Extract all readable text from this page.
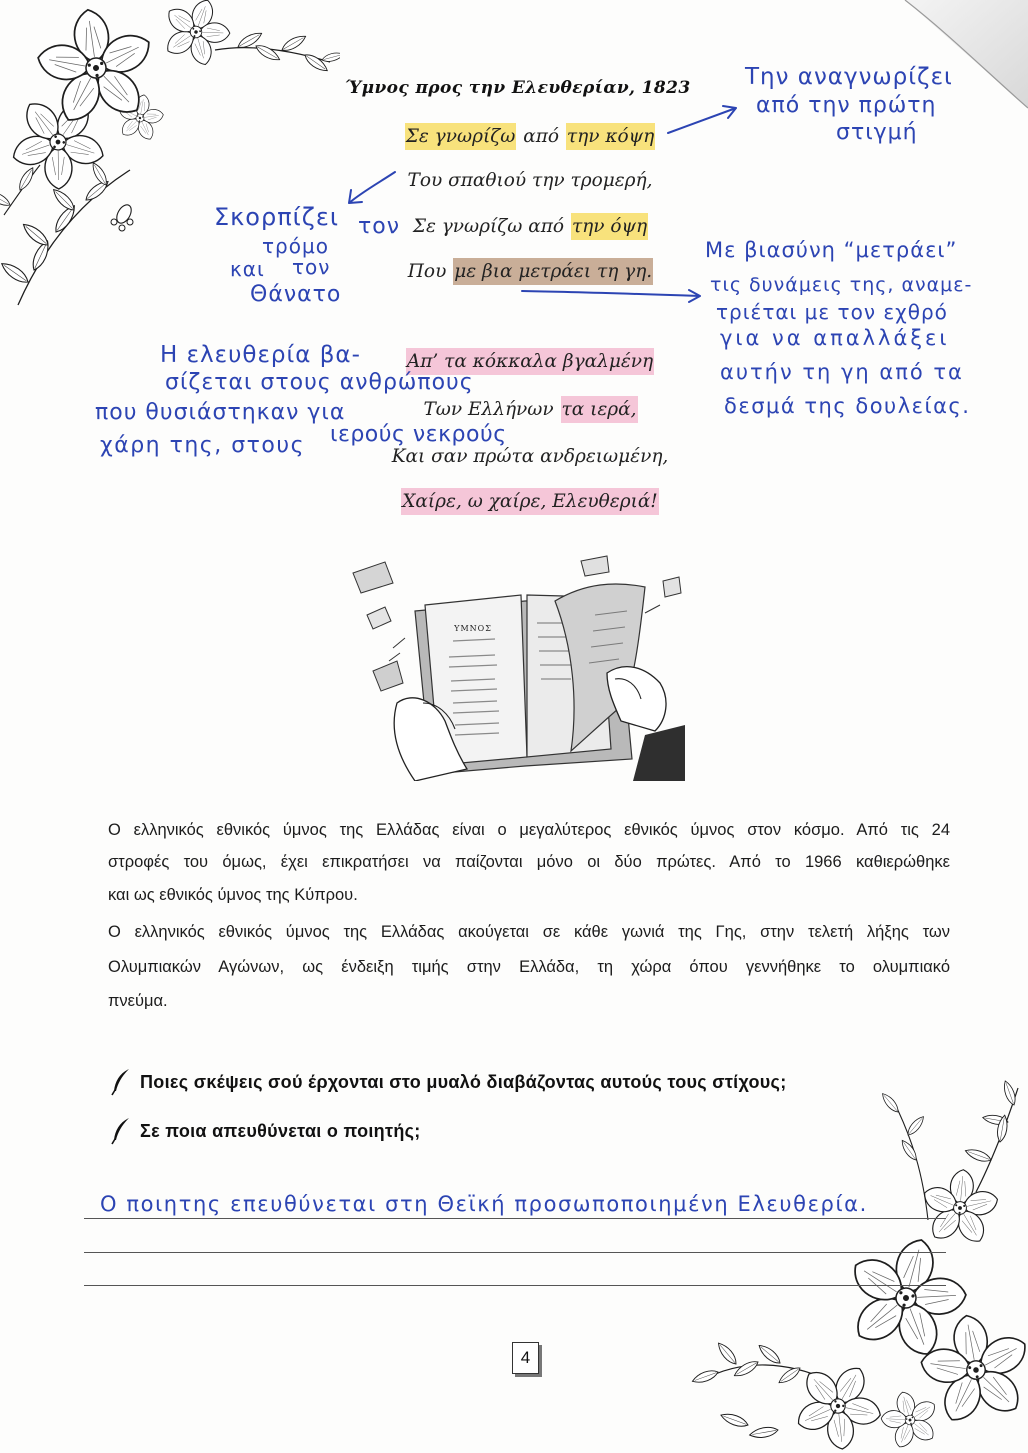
Ύμνος προς την Ελευθερίαν, 1823
Σε γνωρίζω από την κόψη
Του σπαθιού την τρομερή,
Σε γνωρίζω από την όψη
Που με βια μετράει τη γη.
Απ’ τα κόκκαλα βγαλμένη
Των Ελλήνων τα ιερά,
Και σαν πρώτα ανδρειωμένη,
Χαίρε, ω χαίρε, Ελευθεριά!
Την αναγνωρίζει
από την πρώτη
στιγμή
Σκορπίζει τον
τρόμο
και τον
Θάνατο
Με βιασύνη “μετράει”
τις δυνάμεις της, αναμε-
τριέται με τον εχθρό
για να απαλλάξει
αυτήν τη γη από τα
δεσμά της δουλείας.
Η ελευθερία βα-
σίζεται στους ανθρώπους
που θυσιάστηκαν για
χάρη της, στους ιερούς νεκρούς
ΥΜΝΟΣ
Ο ελληνικός εθνικός ύμνος της Ελλάδας είναι ο μεγαλύτερος εθνικός ύμνος στον κόσμο. Από τις 24
στροφές του όμως, έχει επικρατήσει να παίζονται μόνο οι δύο πρώτες. Από το 1966 καθιερώθηκε
και ως εθνικός ύμνος της Κύπρου.
Ο ελληνικός εθνικός ύμνος της Ελλάδας ακούγεται σε κάθε γωνιά της Γης, στην τελετή λήξης των
Ολυμπιακών Αγώνων, ως ένδειξη τιμής στην Ελλάδα, τη χώρα όπου γεννήθηκε το ολυμπιακό
πνεύμα.
Ποιες σκέψεις σού έρχονται στο μυαλό διαβάζοντας αυτούς τους στίχους;
Σε ποια απευθύνεται ο ποιητής;
Ο ποιητης επευθύνεται στη Θεϊκή προσωποποιημένη Ελευθερία.
4
